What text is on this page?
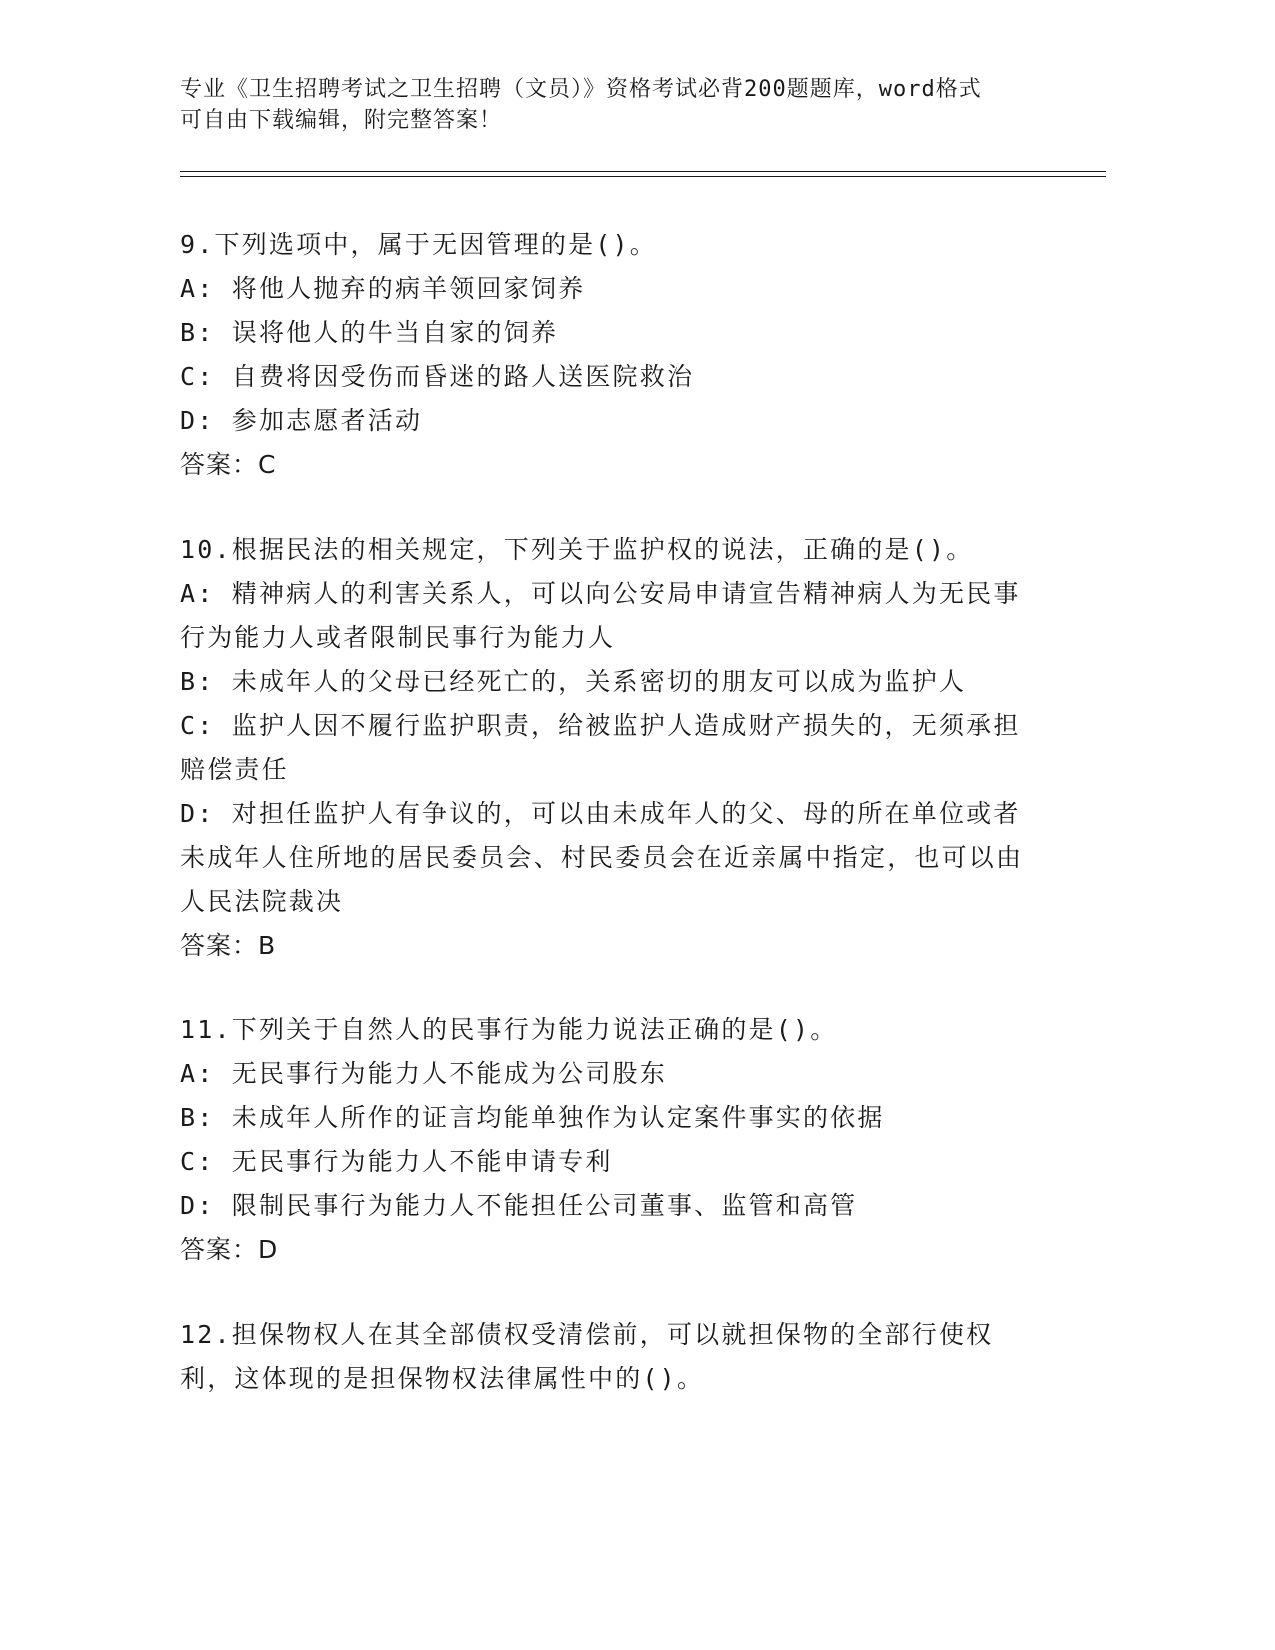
专业《卫生招聘考试之卫生招聘（文员）》资格考试必背200题题库，word格式
可自由下载编辑，附完整答案！

9.下列选项中，属于无因管理的是()。

A: 将他人抛弃的病羊领回家饲养

B: 误将他人的牛当自家的饲养

C: 自费将因受伤而昏迷的路人送医院救治

D: 参加志愿者活动

答案：C

10.根据民法的相关规定，下列关于监护权的说法，正确的是()。

A: 精神病人的利害关系人，可以向公安局申请宣告精神病人为无民事行为能力人或者限制民事行为能力人

B: 未成年人的父母已经死亡的，关系密切的朋友可以成为监护人

C: 监护人因不履行监护职责，给被监护人造成财产损失的，无须承担赔偿责任

D: 对担任监护人有争议的，可以由未成年人的父、母的所在单位或者未成年人住所地的居民委员会、村民委员会在近亲属中指定，也可以由人民法院裁决

答案：B

11.下列关于自然人的民事行为能力说法正确的是()。

A: 无民事行为能力人不能成为公司股东

B: 未成年人所作的证言均能单独作为认定案件事实的依据

C: 无民事行为能力人不能申请专利

D: 限制民事行为能力人不能担任公司董事、监管和高管

答案：D

12.担保物权人在其全部债权受清偿前，可以就担保物的全部行使权利，这体现的是担保物权法律属性中的()。
